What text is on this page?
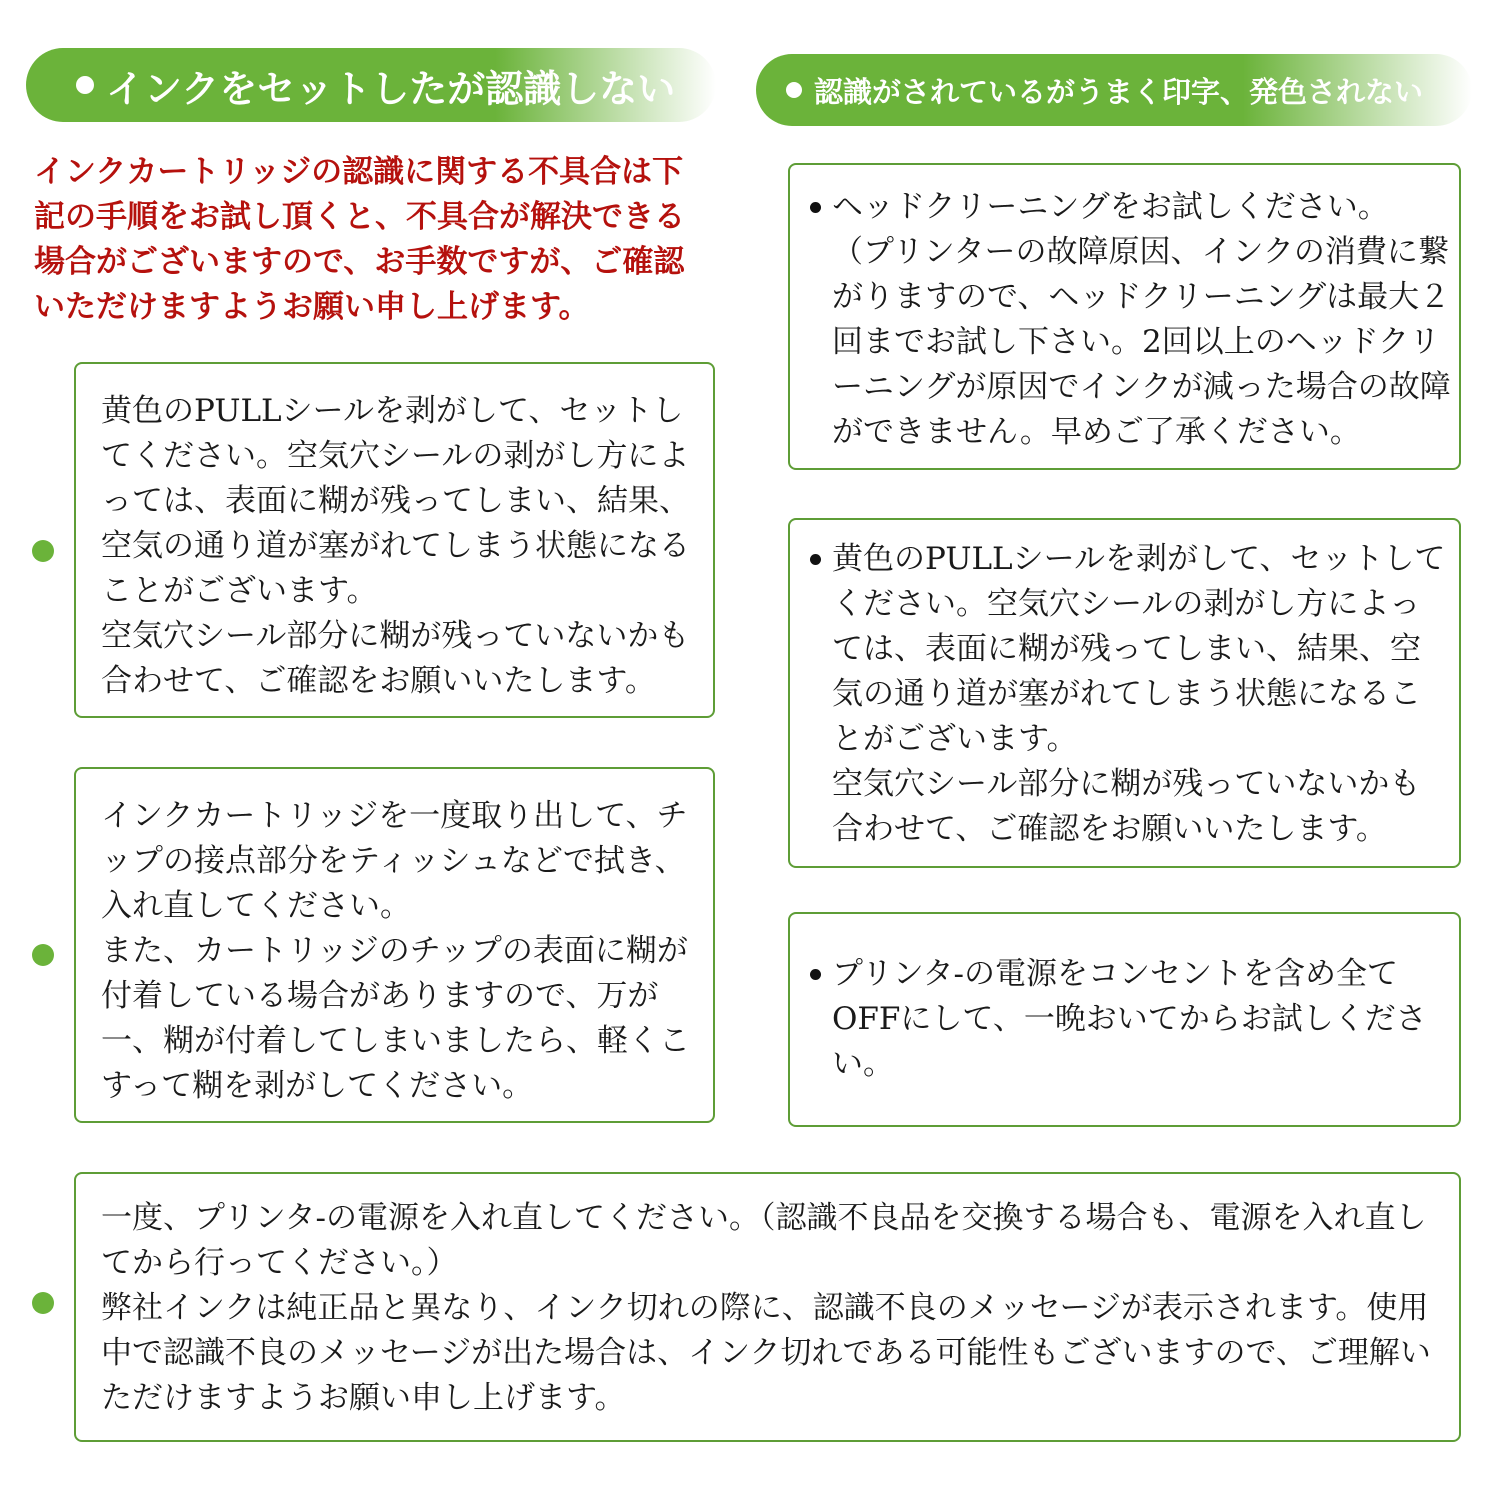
インクをセットしたが認識しない	認識がされているがうまく印字、発色されない

インクカートリッジの認識に関する不具合は下記の手順をお試し頂くと、不具合が解決できる場合がございますので、お手数ですが、ご確認いただけますようお願い申し上げます。

黄色のPULLシールを剥がして、セットしてください。空気穴シールの剥がし方によっては、表面に糊が残ってしまい、結果、空気の通り道が塞がれてしまう状態になることがございます。
空気穴シール部分に糊が残っていないかも合わせて、ご確認をお願いいたします。

インクカートリッジを一度取り出して、チップの接点部分をティッシュなどで拭き、入れ直してください。
また、カートリッジのチップの表面に糊が付着している場合がありますので、万が一、糊が付着してしまいましたら、軽くこすって糊を剥がしてください。

ヘッドクリーニングをお試しください。
（プリンターの故障原因、インクの消費に繋がりますので、ヘッドクリーニングは最大２回までお試し下さい。2回以上のヘッドクリーニングが原因でインクが減った場合の故障ができません。早めご了承ください。

黄色のPULLシールを剥がして、セットしてください。空気穴シールの剥がし方によっては、表面に糊が残ってしまい、結果、空気の通り道が塞がれてしまう状態になることがございます。
空気穴シール部分に糊が残っていないかも合わせて、ご確認をお願いいたします。

プリンタ-の電源をコンセントを含め全てOFFにして、一晩おいてからお試しください。

一度、プリンタ-の電源を入れ直してください。（認識不良品を交換する場合も、電源を入れ直してから行ってください。）
弊社インクは純正品と異なり、インク切れの際に、認識不良のメッセージが表示されます。使用中で認識不良のメッセージが出た場合は、インク切れである可能性もございますので、ご理解いただけますようお願い申し上げます。
